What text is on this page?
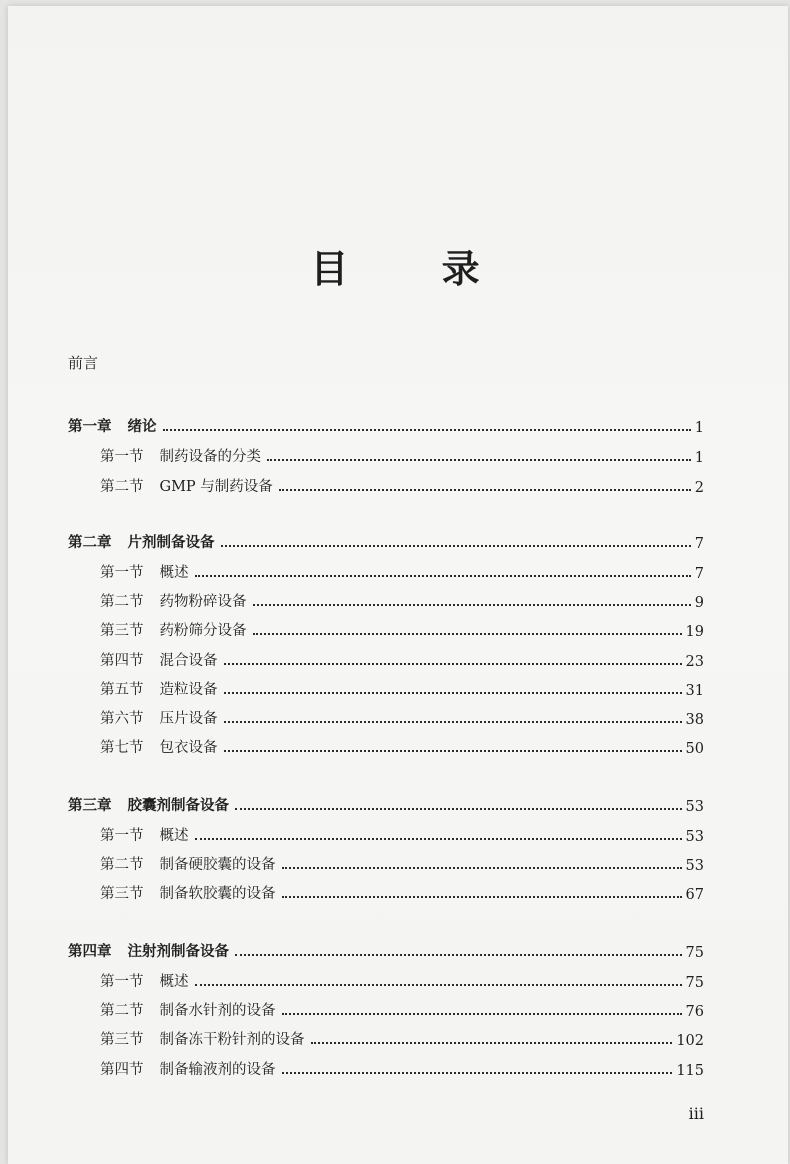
目 录
前言
第一章 绪论	1
第一节 制药设备的分类	1
第二节 GMP 与制药设备	2
第二章 片剂制备设备	7
第一节 概述	7
第二节 药物粉碎设备	9
第三节 药粉筛分设备	19
第四节 混合设备	23
第五节 造粒设备	31
第六节 压片设备	38
第七节 包衣设备	50
第三章 胶囊剂制备设备	53
第一节 概述	53
第二节 制备硬胶囊的设备	53
第三节 制备软胶囊的设备	67
第四章 注射剂制备设备	75
第一节 概述	75
第二节 制备水针剂的设备	76
第三节 制备冻干粉针剂的设备	102
第四节 制备输液剂的设备	115
iii
